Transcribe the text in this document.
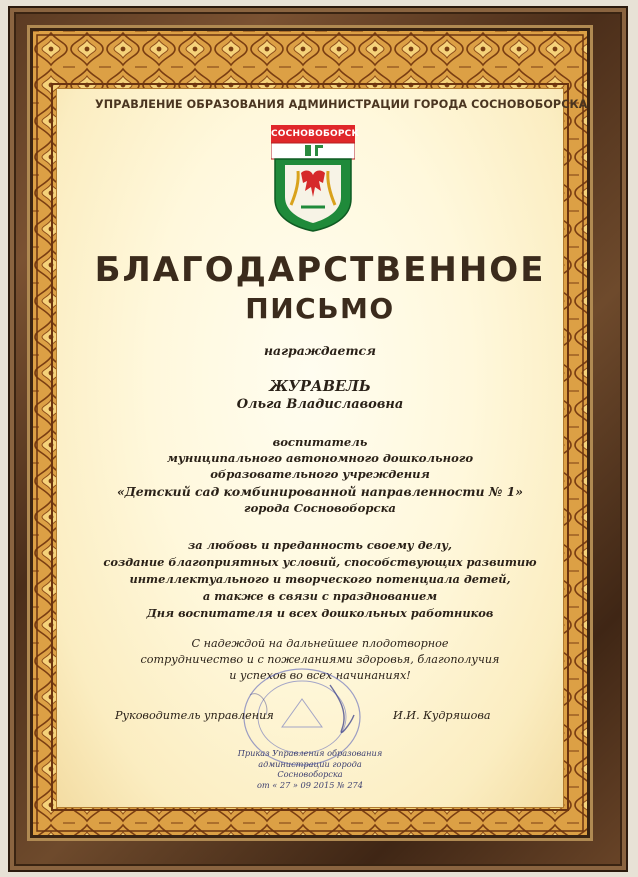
УПРАВЛЕНИЕ ОБРАЗОВАНИЯ АДМИНИСТРАЦИИ ГОРОДА СОСНОВОБОРСКА
СОСНОВОБОРСК
БЛАГОДАРСТВЕННОЕ
ПИСЬМО
награждается
ЖУРАВЕЛЬ
Ольга Владиславовна
воспитатель
муниципального автономного дошкольного
образовательного учреждения
«Детский сад комбинированной направленности № 1»
города Сосновоборска
за любовь и преданность своему делу,
создание благоприятных условий, способствующих развитию
интеллектуального и творческого потенциала детей,
а также в связи с празднованием
Дня воспитателя и всех дошкольных работников
С надеждой на дальнейшее плодотворное
сотрудничество и с пожеланиями здоровья, благополучия
и успехов во всех начинаниях!
Руководитель управления	И.И. Кудряшова
Приказ Управления образования
администрации города Сосновоборска
от « 27 » 09 2015 № 274
